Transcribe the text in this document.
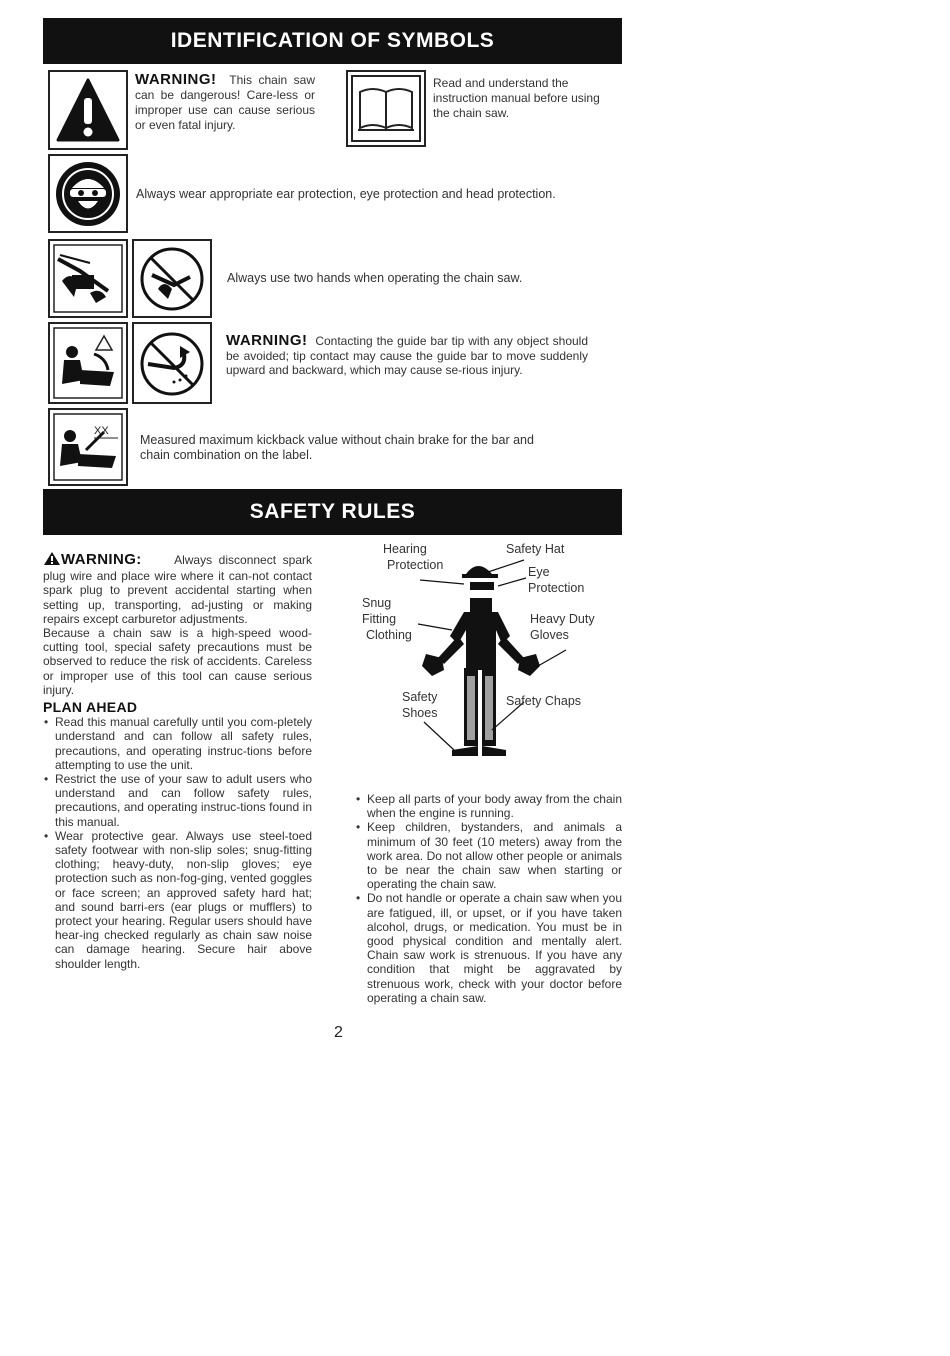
IDENTIFICATION OF SYMBOLS
WARNING! This chain saw can be dangerous! Care-less or improper use can cause serious or even fatal injury.
Read and understand the instruction manual before using the chain saw.
Always wear appropriate ear protection, eye protection and head protection.
Always use two hands when operating the chain saw.
WARNING! Contacting the guide bar tip with any object should be avoided; tip contact may cause the guide bar to move suddenly upward and backward, which may cause se-rious injury.
XX
Measured maximum kickback value without chain brake for the bar and chain combination on the label.
SAFETY RULES

WARNING:	Always disconnect spark plug wire and place wire where it can-not contact spark plug to prevent accidental starting when setting up, transporting, ad-justing or making repairs except carburetor adjustments.

Because a chain saw is a high-speed wood-cutting tool, special safety precautions must be observed to reduce the risk of accidents. Careless or improper use of this tool can cause serious injury.

PLAN AHEAD
• Read this manual carefully until you com-pletely understand and can follow all safety rules, precautions, and operating instruc-tions before attempting to use the unit.
• Restrict the use of your saw to adult users who understand and can follow safety rules, precautions, and operating instruc-tions found in this manual.
• Wear protective gear. Always use steel-toed safety footwear with non-slip soles; snug-fitting clothing; heavy-duty, non-slip gloves; eye protection such as non-fog-ging, vented goggles or face screen; an approved safety hard hat; and sound barri-ers (ear plugs or mufflers) to protect your hearing. Regular users should have hear-ing checked regularly as chain saw noise can damage hearing. Secure hair above shoulder length.
Hearing
Protection
Safety Hat
Eye
Protection
Snug
Fitting
Clothing
Heavy Duty
Gloves
Safety
Shoes
Safety Chaps
• Keep all parts of your body away from the chain when the engine is running.
• Keep children, bystanders, and animals a minimum of 30 feet (10 meters) away from the work area. Do not allow other people or animals to be near the chain saw when starting or operating the chain saw.
• Do not handle or operate a chain saw when you are fatigued, ill, or upset, or if you have taken alcohol, drugs, or medication. You must be in good physical condition and mentally alert. Chain saw work is strenuous. If you have any condition that might be aggravated by strenuous work, check with your doctor before operating a chain saw.
2
